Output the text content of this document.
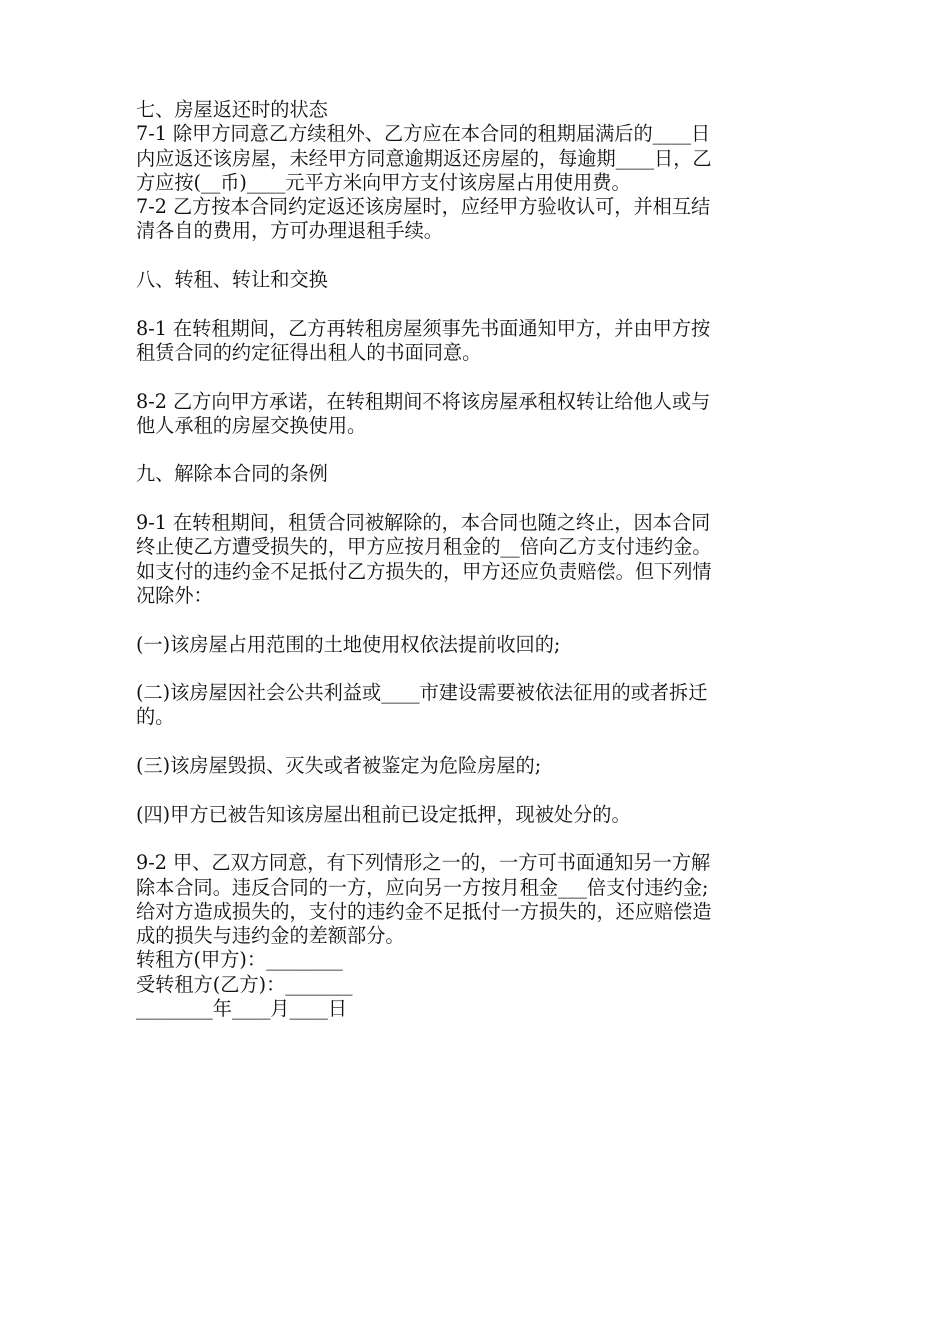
七、房屋返还时的状态
7-1 除甲方同意乙方续租外、乙方应在本合同的租期届满后的____日
内应返还该房屋，未经甲方同意逾期返还房屋的，每逾期____日，乙
方应按(__币)____元平方米向甲方支付该房屋占用使用费。
7-2 乙方按本合同约定返还该房屋时，应经甲方验收认可，并相互结
清各自的费用，方可办理退租手续。
八、转租、转让和交换
8-1 在转租期间，乙方再转租房屋须事先书面通知甲方，并由甲方按
租赁合同的约定征得出租人的书面同意。
8-2 乙方向甲方承诺，在转租期间不将该房屋承租权转让给他人或与
他人承租的房屋交换使用。
九、解除本合同的条例
9-1 在转租期间，租赁合同被解除的，本合同也随之终止，因本合同
终止使乙方遭受损失的，甲方应按月租金的__倍向乙方支付违约金。
如支付的违约金不足抵付乙方损失的，甲方还应负责赔偿。但下列情
况除外：
(一)该房屋占用范围的土地使用权依法提前收回的;
(二)该房屋因社会公共利益或____市建设需要被依法征用的或者拆迁
的。
(三)该房屋毁损、灭失或者被鉴定为危险房屋的;
(四)甲方已被告知该房屋出租前已设定抵押，现被处分的。
9-2 甲、乙双方同意，有下列情形之一的，一方可书面通知另一方解
除本合同。违反合同的一方，应向另一方按月租金___倍支付违约金;
给对方造成损失的，支付的违约金不足抵付一方损失的，还应赔偿造
成的损失与违约金的差额部分。
转租方(甲方)：________
受转租方(乙方)：_______
________年____月____日
